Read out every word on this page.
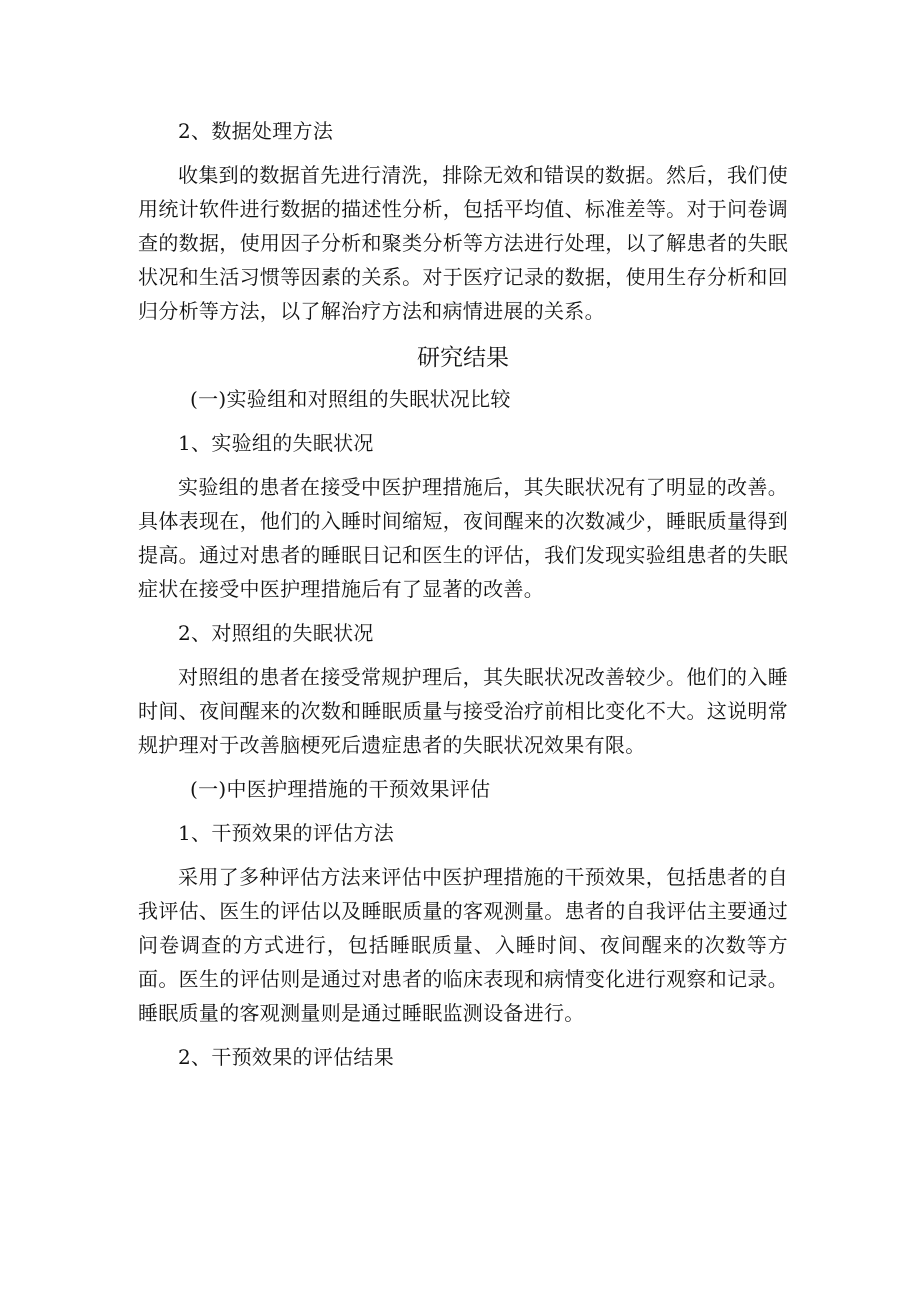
2、数据处理方法
收集到的数据首先进行清洗，排除无效和错误的数据。然后，我们使用统计软件进行数据的描述性分析，包括平均值、标准差等。对于问卷调查的数据，使用因子分析和聚类分析等方法进行处理，以了解患者的失眠状况和生活习惯等因素的关系。对于医疗记录的数据，使用生存分析和回归分析等方法，以了解治疗方法和病情进展的关系。
研究结果
(一)实验组和对照组的失眠状况比较
1、实验组的失眠状况
实验组的患者在接受中医护理措施后，其失眠状况有了明显的改善。具体表现在，他们的入睡时间缩短，夜间醒来的次数减少，睡眠质量得到提高。通过对患者的睡眠日记和医生的评估，我们发现实验组患者的失眠症状在接受中医护理措施后有了显著的改善。
2、对照组的失眠状况
对照组的患者在接受常规护理后，其失眠状况改善较少。他们的入睡时间、夜间醒来的次数和睡眠质量与接受治疗前相比变化不大。这说明常规护理对于改善脑梗死后遗症患者的失眠状况效果有限。
(一)中医护理措施的干预效果评估
1、干预效果的评估方法
采用了多种评估方法来评估中医护理措施的干预效果，包括患者的自我评估、医生的评估以及睡眠质量的客观测量。患者的自我评估主要通过问卷调查的方式进行，包括睡眠质量、入睡时间、夜间醒来的次数等方面。医生的评估则是通过对患者的临床表现和病情变化进行观察和记录。睡眠质量的客观测量则是通过睡眠监测设备进行。
2、干预效果的评估结果
